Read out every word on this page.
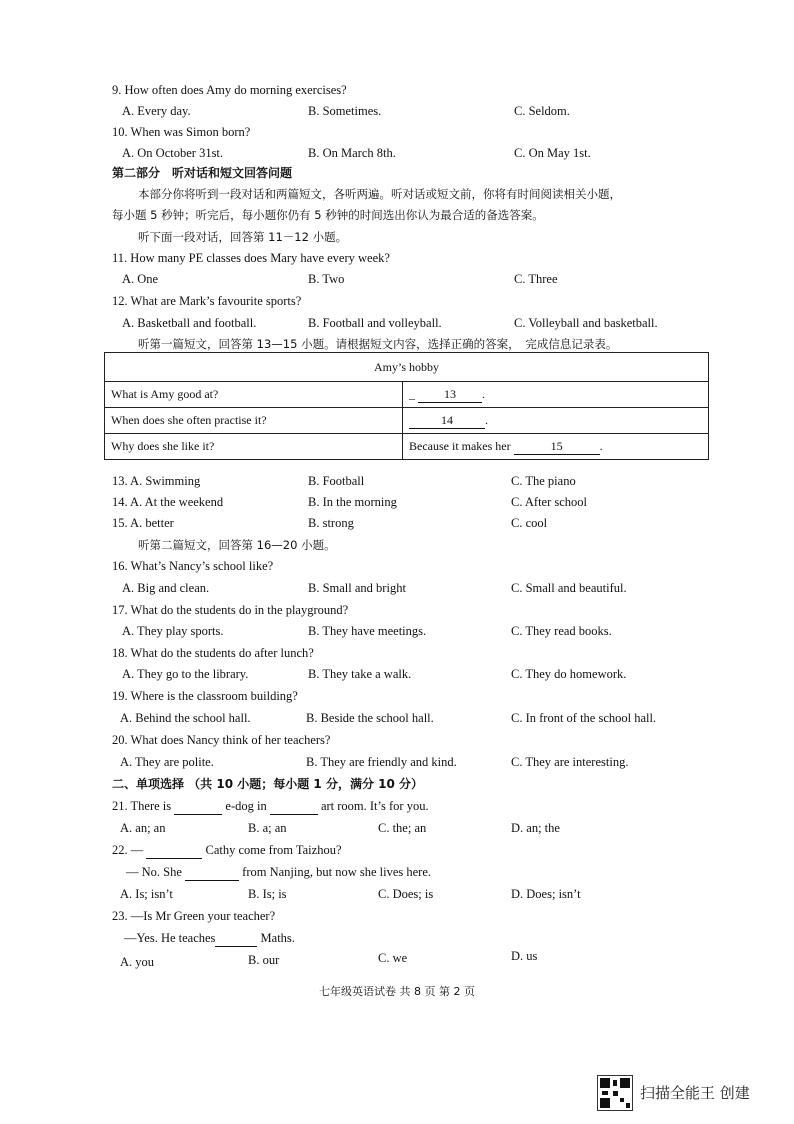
9. How often does Amy do morning exercises?
A. Every day.	B. Sometimes.	C. Seldom.
10. When was Simon born?
A. On October 31st.	B. On March 8th.	C. On May 1st.
第二部分　听对话和短文回答问题
本部分你将听到一段对话和两篇短文，各听两遍。听对话或短文前，你将有时间阅读相关小题，
每小题 5 秒钟；听完后，每小题你仍有 5 秒钟的时间选出你认为最合适的备选答案。
听下面一段对话，回答第 11－12 小题。
11. How many PE classes does Mary have every week?
A. One	B. Two	C. Three
12. What are Mark’s favourite sports?
A. Basketball and football.	B. Football and volleyball.	C. Volleyball and basketball.
听第一篇短文，回答第 13—15 小题。请根据短文内容，选择正确的答案，　完成信息记录表。
Amy’s hobby	
What is Amy good at?	_ 13 .
When does she often practise it?	14 .
Why does she like it?	Because it makes her 15 .
13. A. Swimming	B. Football	C. The piano
14. A. At the weekend	B. In the morning	C. After school
15. A. better	B. strong	C. cool
听第二篇短文，回答第 16—20 小题。
16. What’s Nancy’s school like?
A. Big and clean.	B. Small and bright	C. Small and beautiful.
17. What do the students do in the playground?
A. They play sports.	B. They have meetings.	C. They read books.
18. What do the students do after lunch?
A. They go to the library.	B. They take a walk.	C. They do homework.
19. Where is the classroom building?
A. Behind the school hall.	B. Beside the school hall.	C. In front of the school hall.
20. What does Nancy think of her teachers?
A. They are polite.	B. They are friendly and kind.	C. They are interesting.
二、单项选择 （共 10 小题；每小题 1 分，满分 10 分）
21. There is	e-dog in	art room. It’s for you.
A. an; an	B. a; an	C. the; an	D. an; the
22. —	Cathy come from Taizhou?
— No. She	from Nanjing, but now she lives here.
A. Is; isn’t	B. Is; is	C. Does; is	D. Does; isn’t
23. —Is Mr Green your teacher?
—Yes. He teaches	Maths.
A. you	B. our	C. we	D. us
七年级英语试卷 共 8 页 第 2 页
扫描全能王 创建
